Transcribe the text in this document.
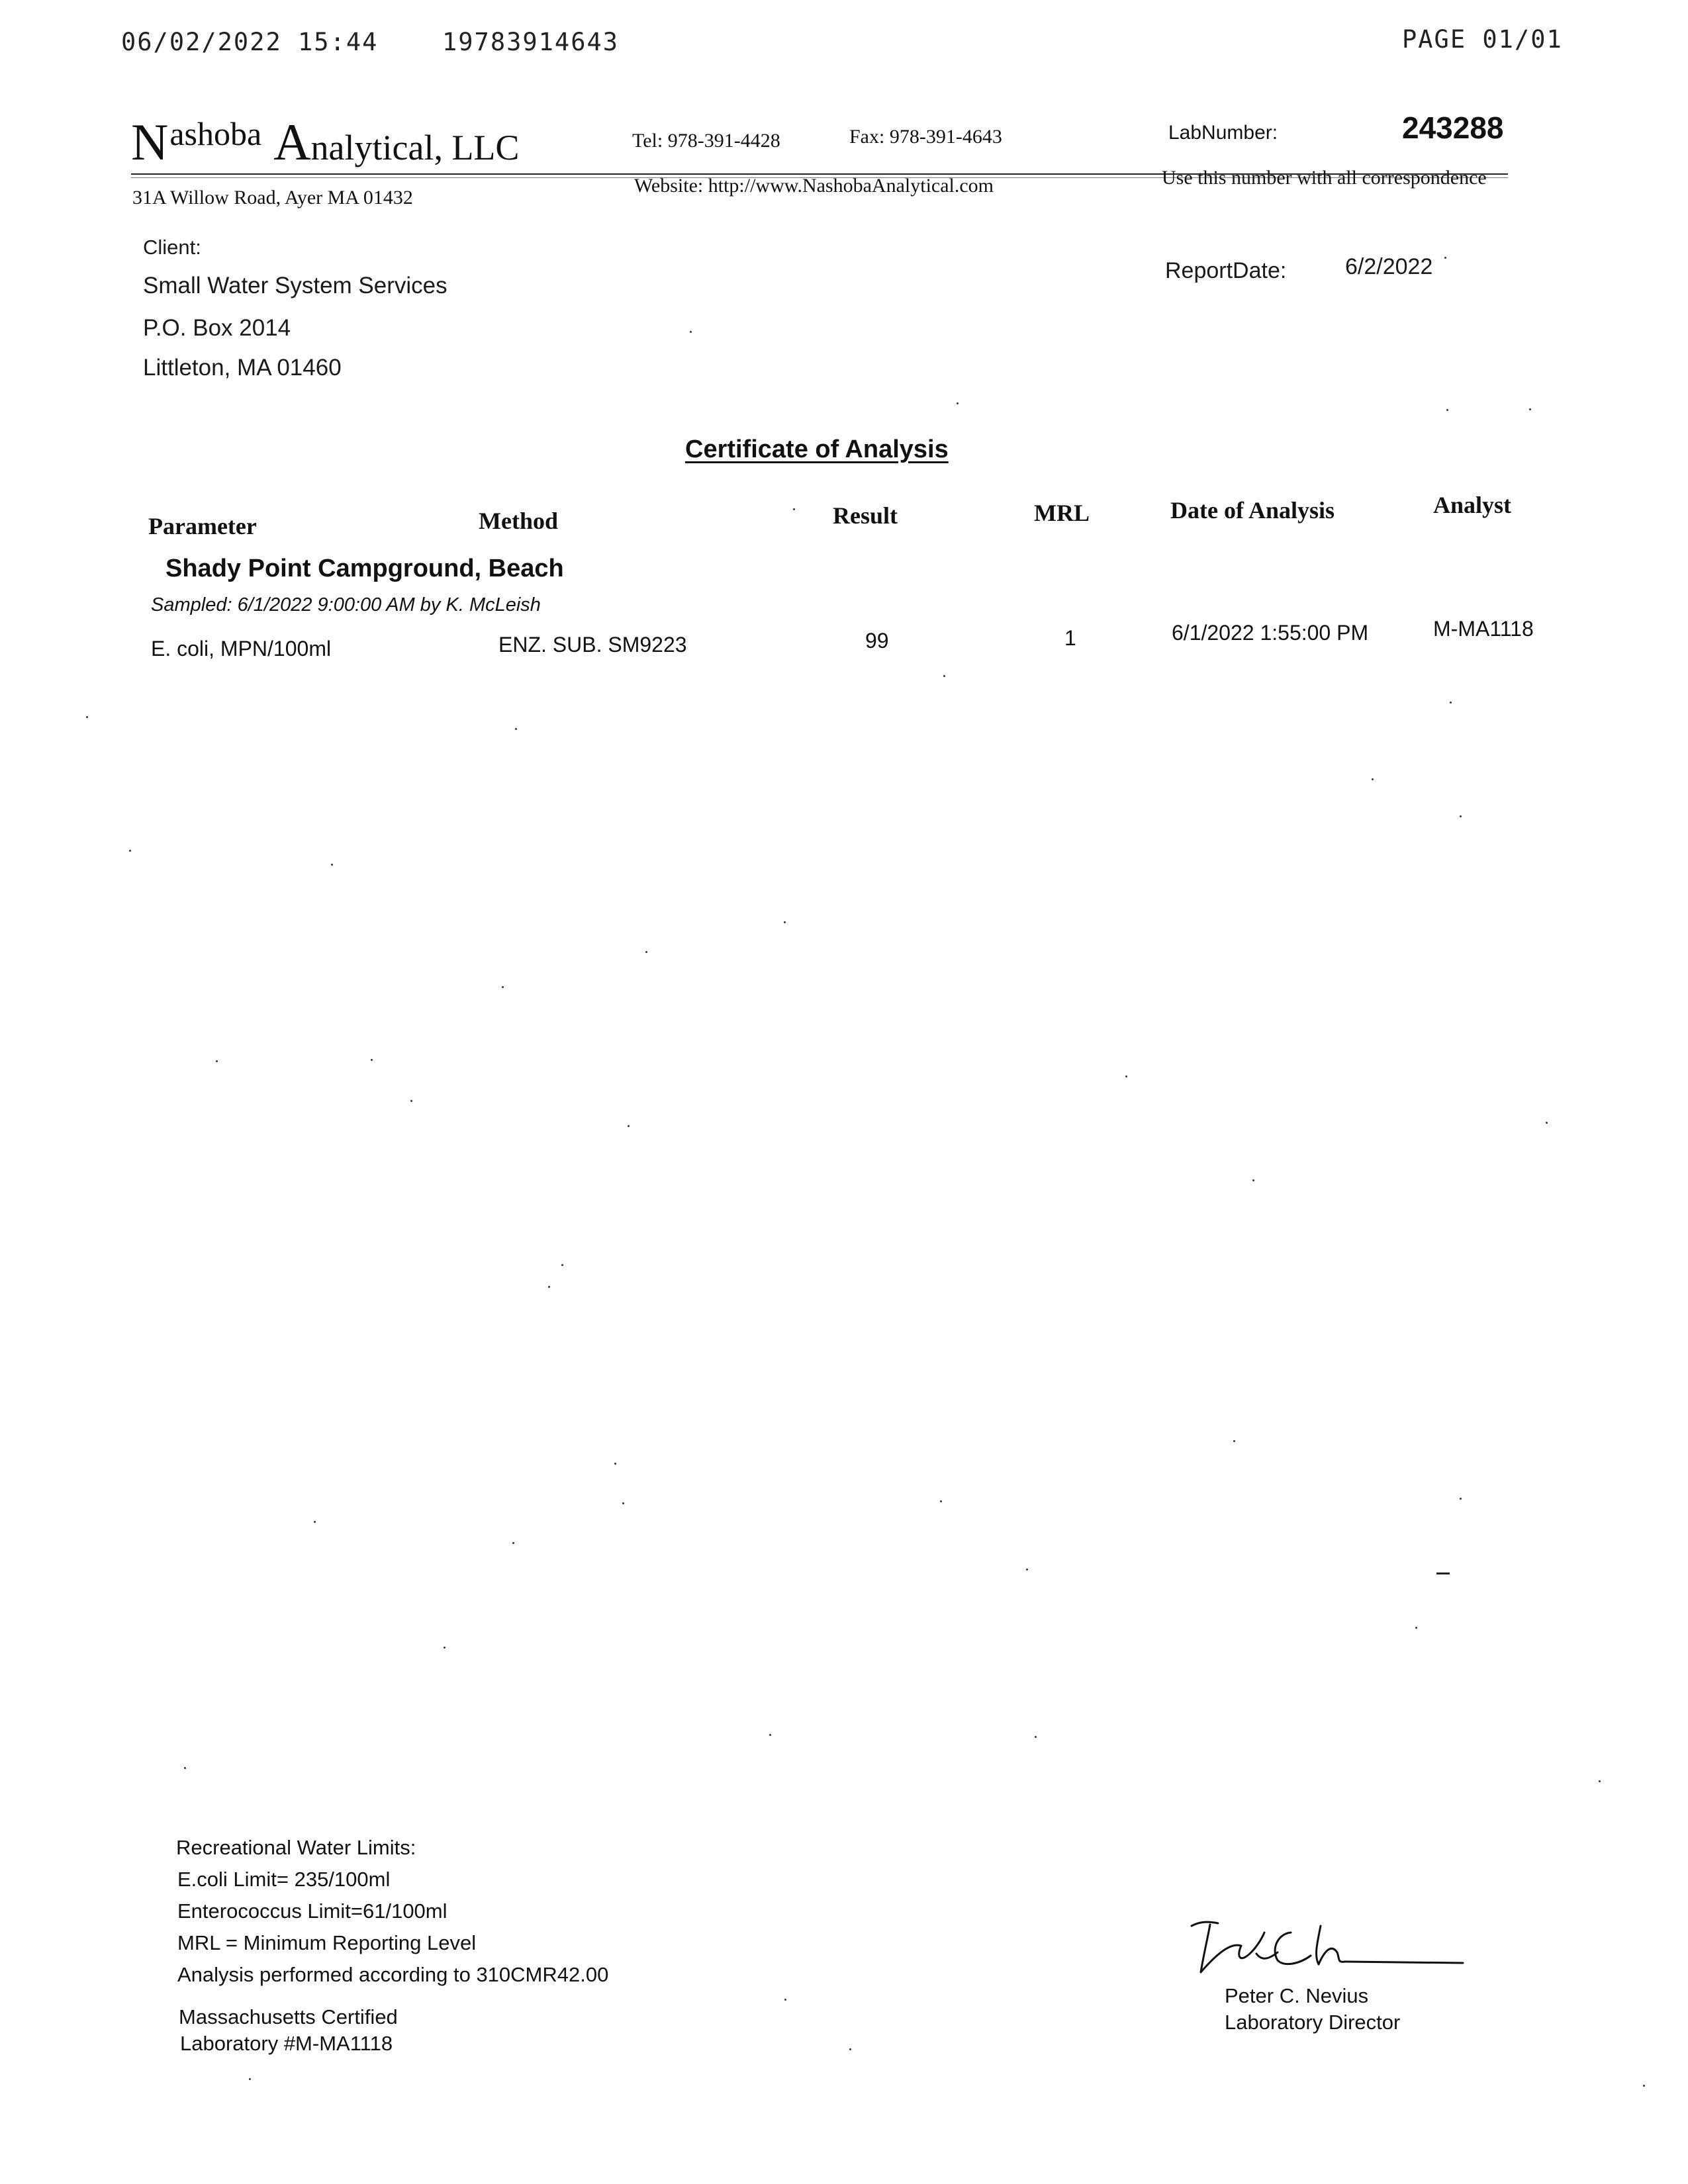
06/02/2022 15:44	19783914643	PAGE 01/01
Nashoba Analytical, LLC
31A Willow Road, Ayer MA 01432
Tel: 978-391-4428	Fax: 978-391-4643
Website: http://www.NashobaAnalytical.com
LabNumber:	243288
Use this number with all correspondence
Client:
Small Water System Services
P.O. Box 2014
Littleton, MA 01460
ReportDate:	6/2/2022
Certificate of Analysis
Parameter	Method	Result	MRL	Date of Analysis	Analyst
Shady Point Campground, Beach
Sampled: 6/1/2022 9:00:00 AM by K. McLeish
E. coli, MPN/100ml	ENZ. SUB. SM9223	99	1	6/1/2022 1:55:00 PM	M-MA1118
Recreational Water Limits:
E.coli Limit= 235/100ml
Enterococcus Limit=61/100ml
MRL = Minimum Reporting Level
Analysis performed according to 310CMR42.00
Massachusetts Certified
Laboratory #M-MA1118
Peter C. Nevius
Laboratory Director
